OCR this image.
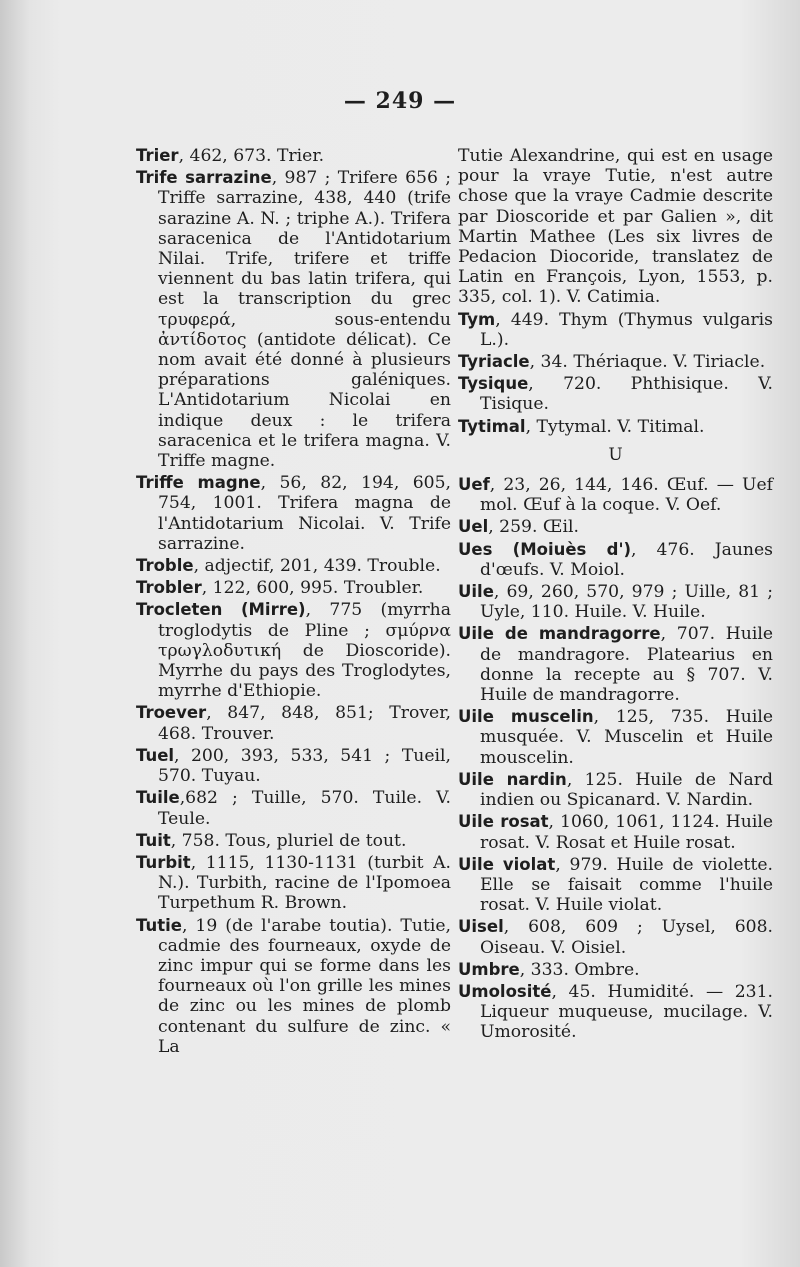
— 249 —

Trier, 462, 673. Trier.

Trife sarrazine, 987 ; Trifere 656 ; Triffe sarrazine, 438, 440 (trife sarazine A. N. ; triphe A.). Trifera saracenica de l'Antidotarium Nilai. Trife, trifere et triffe viennent du bas latin trifera, qui est la transcription du grec τρυφερά, sous-entendu ἀντίδοτος (antidote délicat). Ce nom avait été donné à plusieurs préparations galéniques. L'Antidotarium Nicolai en indique deux : le trifera saracenica et le trifera magna. V. Triffe magne.

Triffe magne, 56, 82, 194, 605, 754, 1001. Trifera magna de l'Antidotarium Nicolai. V. Trife sarrazine.

Troble, adjectif, 201, 439. Trouble.

Trobler, 122, 600, 995. Troubler.

Trocleten (Mirre), 775 (myrrha troglodytis de Pline ; σμύρνα τρωγλοδυτική de Dioscoride). Myrrhe du pays des Troglodytes, myrrhe d'Ethiopie.

Troever, 847, 848, 851; Trover, 468. Trouver.

Tuel, 200, 393, 533, 541 ; Tueil, 570. Tuyau.

Tuile,682 ; Tuille, 570. Tuile. V. Teule.

Tuit, 758. Tous, pluriel de tout.

Turbit, 1115, 1130-1131 (turbit A. N.). Turbith, racine de l'Ipomoea Turpethum R. Brown.

Tutie, 19 (de l'arabe toutia). Tutie, cadmie des fourneaux, oxyde de zinc impur qui se forme dans les fourneaux où l'on grille les mines de zinc ou les mines de plomb contenant du sulfure de zinc. « La

Tutie Alexandrine, qui est en usage pour la vraye Tutie, n'est autre chose que la vraye Cadmie descrite par Dioscoride et par Galien », dit Martin Mathee (Les six livres de Pedacion Diocoride, translatez de Latin en François, Lyon, 1553, p. 335, col. 1). V. Catimia.

Tym, 449. Thym (Thymus vulgaris L.).

Tyriacle, 34. Thériaque. V. Tiriacle.

Tysique, 720. Phthisique. V. Tisique.

Tytimal, Tytymal. V. Titimal.

U

Uef, 23, 26, 144, 146. Œuf. — Uef mol. Œuf à la coque. V. Oef.

Uel, 259. Œil.

Ues (Moiuès d'), 476. Jaunes d'œufs. V. Moiol.

Uile, 69, 260, 570, 979 ; Uille, 81 ; Uyle, 110. Huile. V. Huile.

Uile de mandragorre, 707. Huile de mandragore. Platearius en donne la recepte au § 707. V. Huile de mandragorre.

Uile muscelin, 125, 735. Huile musquée. V. Muscelin et Huile mouscelin.

Uile nardin, 125. Huile de Nard indien ou Spicanard. V. Nardin.

Uile rosat, 1060, 1061, 1124. Huile rosat. V. Rosat et Huile rosat.

Uile violat, 979. Huile de violette. Elle se faisait comme l'huile rosat. V. Huile violat.

Uisel, 608, 609 ; Uysel, 608. Oiseau. V. Oisiel.

Umbre, 333. Ombre.

Umolosité, 45. Humidité. — 231. Liqueur muqueuse, mucilage. V. Umorosité.
